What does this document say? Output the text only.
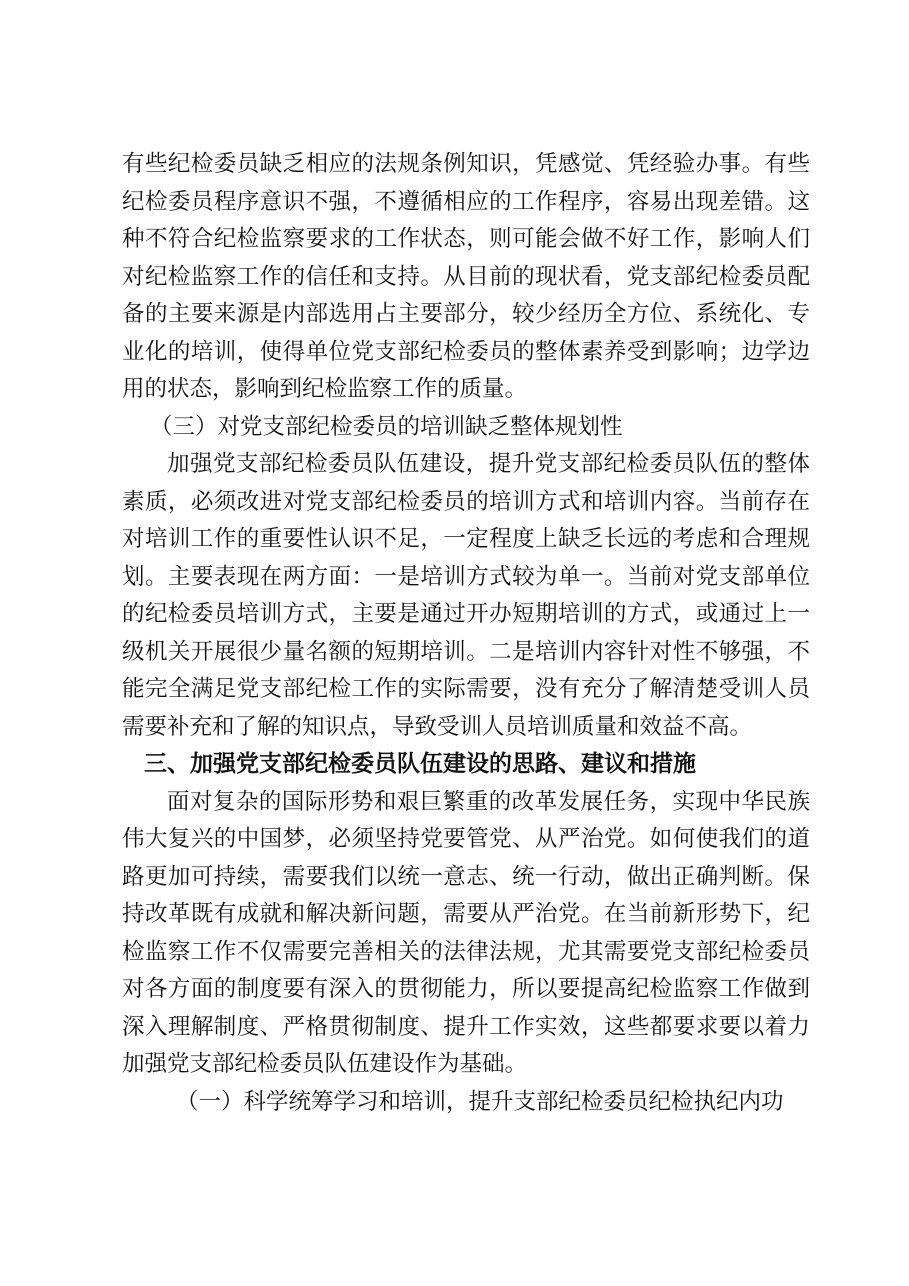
有些纪检委员缺乏相应的法规条例知识，凭感觉、凭经验办事。有些纪检委员程序意识不强，不遵循相应的工作程序，容易出现差错。这种不符合纪检监察要求的工作状态，则可能会做不好工作，影响人们对纪检监察工作的信任和支持。从目前的现状看，党支部纪检委员配备的主要来源是内部选用占主要部分，较少经历全方位、系统化、专业化的培训，使得单位党支部纪检委员的整体素养受到影响；边学边用的状态，影响到纪检监察工作的质量。

（三）对党支部纪检委员的培训缺乏整体规划性

加强党支部纪检委员队伍建设，提升党支部纪检委员队伍的整体素质，必须改进对党支部纪检委员的培训方式和培训内容。当前存在对培训工作的重要性认识不足，一定程度上缺乏长远的考虑和合理规划。主要表现在两方面：一是培训方式较为单一。当前对党支部单位的纪检委员培训方式，主要是通过开办短期培训的方式，或通过上一级机关开展很少量名额的短期培训。二是培训内容针对性不够强，不能完全满足党支部纪检工作的实际需要，没有充分了解清楚受训人员需要补充和了解的知识点，导致受训人员培训质量和效益不高。

三、加强党支部纪检委员队伍建设的思路、建议和措施

面对复杂的国际形势和艰巨繁重的改革发展任务，实现中华民族伟大复兴的中国梦，必须坚持党要管党、从严治党。如何使我们的道路更加可持续，需要我们以统一意志、统一行动，做出正确判断。保持改革既有成就和解决新问题，需要从严治党。在当前新形势下，纪检监察工作不仅需要完善相关的法律法规，尤其需要党支部纪检委员对各方面的制度要有深入的贯彻能力，所以要提高纪检监察工作做到深入理解制度、严格贯彻制度、提升工作实效，这些都要求要以着力加强党支部纪检委员队伍建设作为基础。

（一）科学统筹学习和培训，提升支部纪检委员纪检执纪内功
